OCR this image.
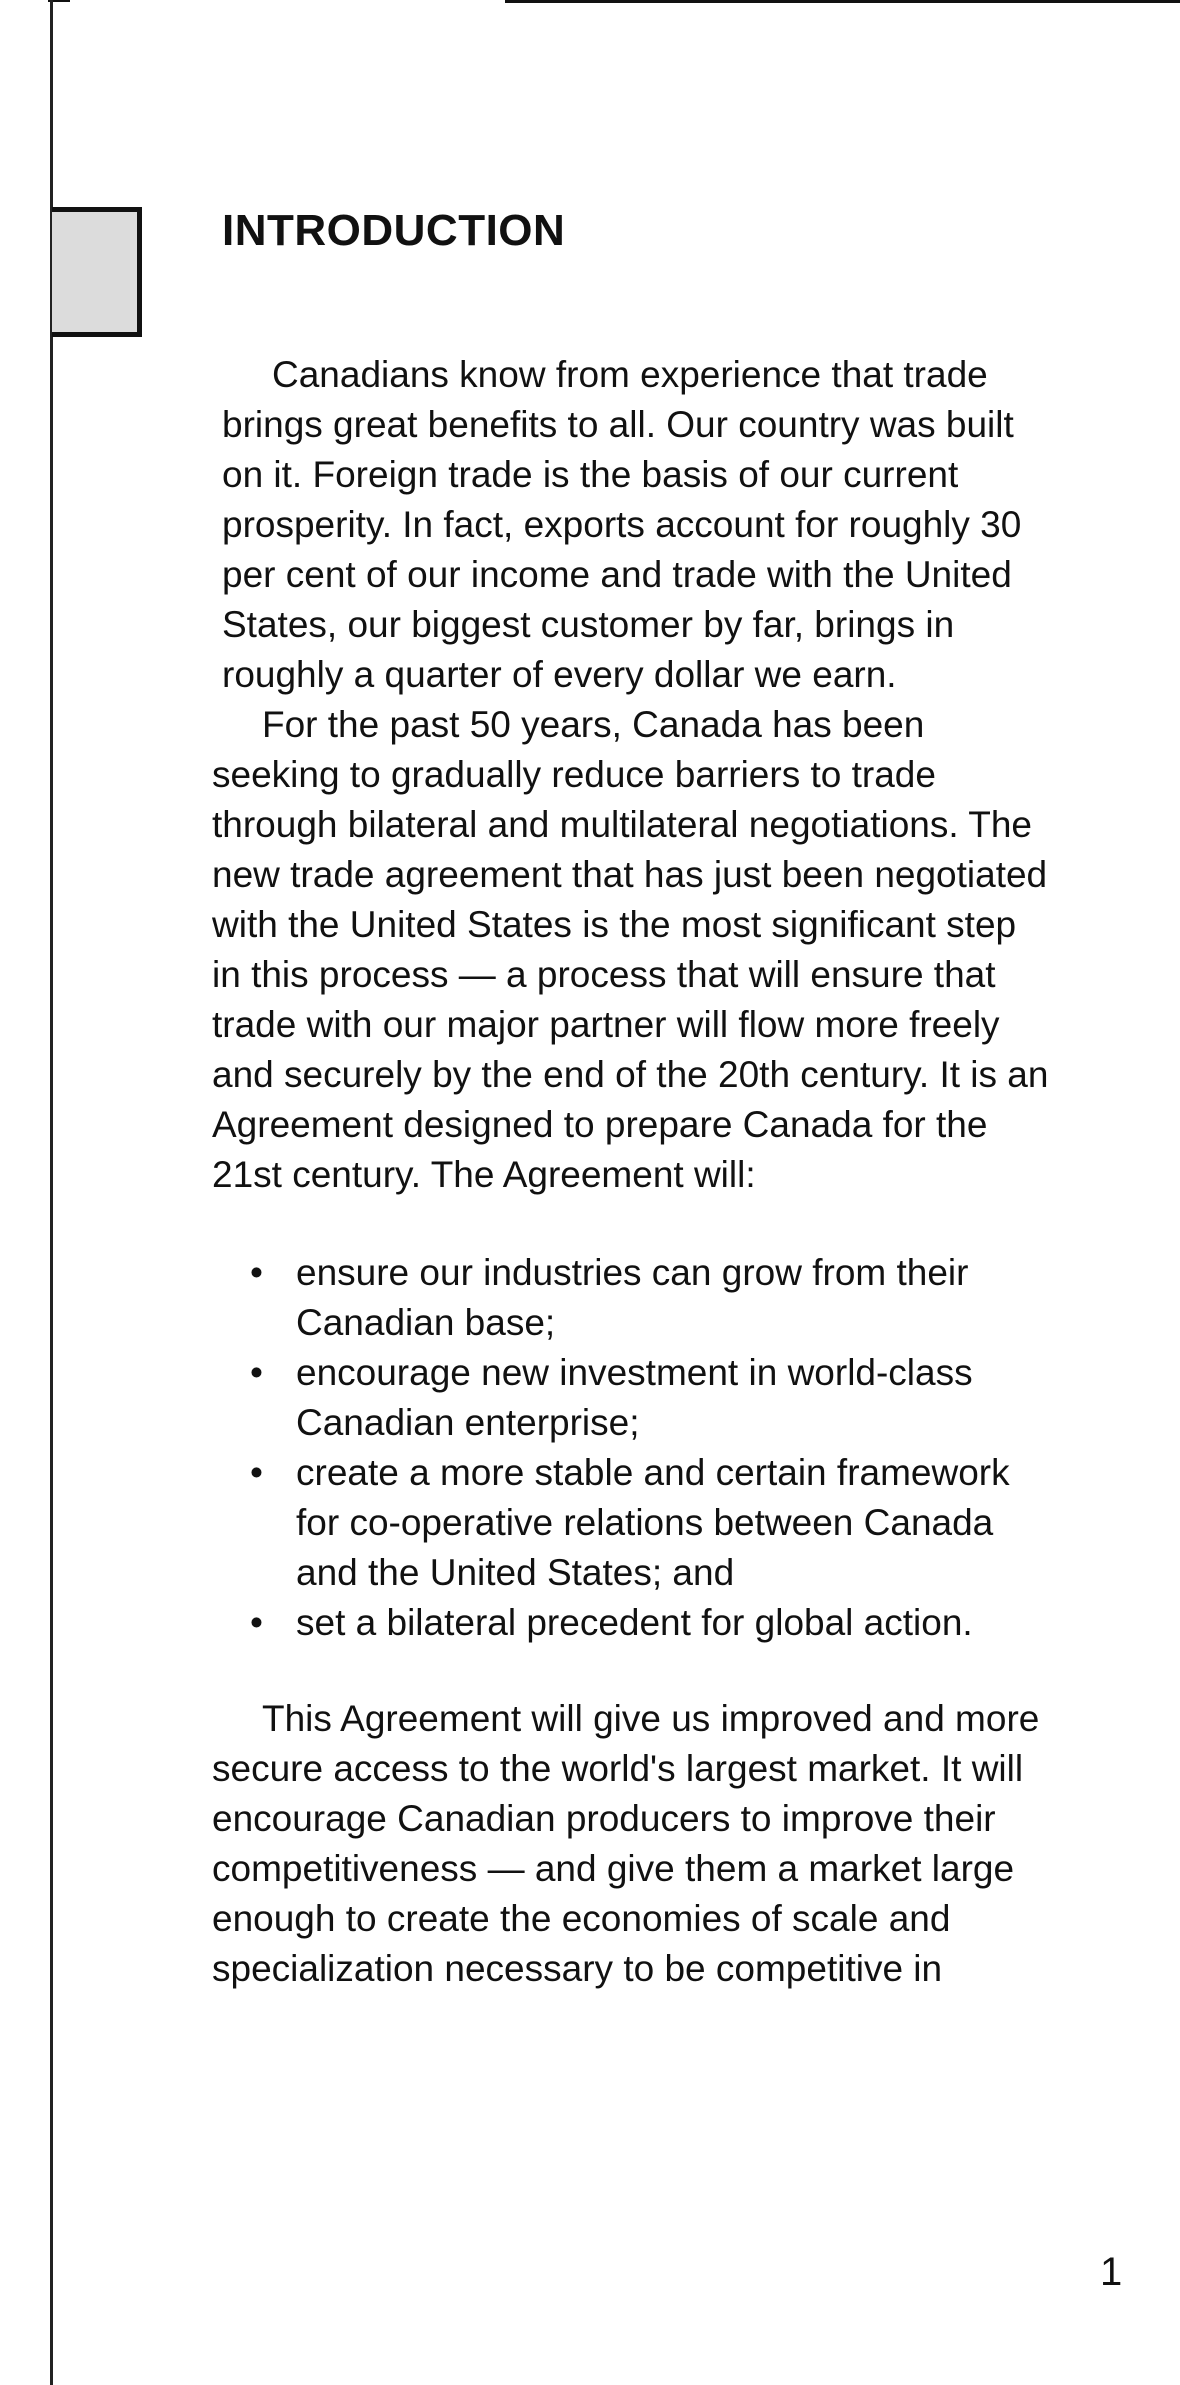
INTRODUCTION

Canadians know from experience that trade brings great benefits to all. Our country was built on it. Foreign trade is the basis of our current prosperity. In fact, exports account for roughly 30 per cent of our income and trade with the United States, our biggest customer by far, brings in roughly a quarter of every dollar we earn.

For the past 50 years, Canada has been seeking to gradually reduce barriers to trade through bilateral and multilateral negotiations. The new trade agreement that has just been negotiated with the United States is the most significant step in this process — a process that will ensure that trade with our major partner will flow more freely and securely by the end of the 20th century. It is an Agreement designed to prepare Canada for the 21st century. The Agreement will:

• ensure our industries can grow from their Canadian base;
• encourage new investment in world-class Canadian enterprise;
• create a more stable and certain framework for co-operative relations between Canada and the United States; and
• set a bilateral precedent for global action.

This Agreement will give us improved and more secure access to the world's largest market. It will encourage Canadian producers to improve their competitiveness — and give them a market large enough to create the economies of scale and specialization necessary to be competitive in

1
